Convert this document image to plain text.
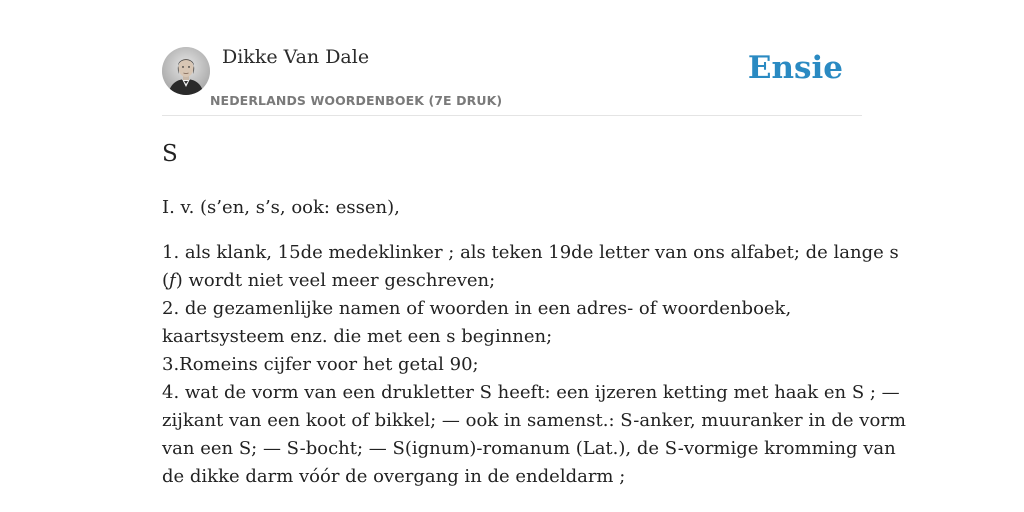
Dikke Van Dale
NEDERLANDS WOORDENBOEK (7E DRUK)
Ensie
S
I. v. (s’en, s’s, ook: essen),
1. als klank, 15de medeklinker ; als teken 19de letter van ons alfabet; de lange s
(ƒ) wordt niet veel meer geschreven;
2. de gezamenlijke namen of woorden in een adres- of woordenboek,
kaartsysteem enz. die met een s beginnen;
3.Romeins cijfer voor het getal 90;
4. wat de vorm van een drukletter S heeft: een ijzeren ketting met haak en S ; —
zijkant van een koot of bikkel; — ook in samenst.: S-anker, muuranker in de vorm
van een S; — S-bocht; — S(ignum)-romanum (Lat.), de S-vormige kromming van
de dikke darm vóór de overgang in de endeldarm ;
